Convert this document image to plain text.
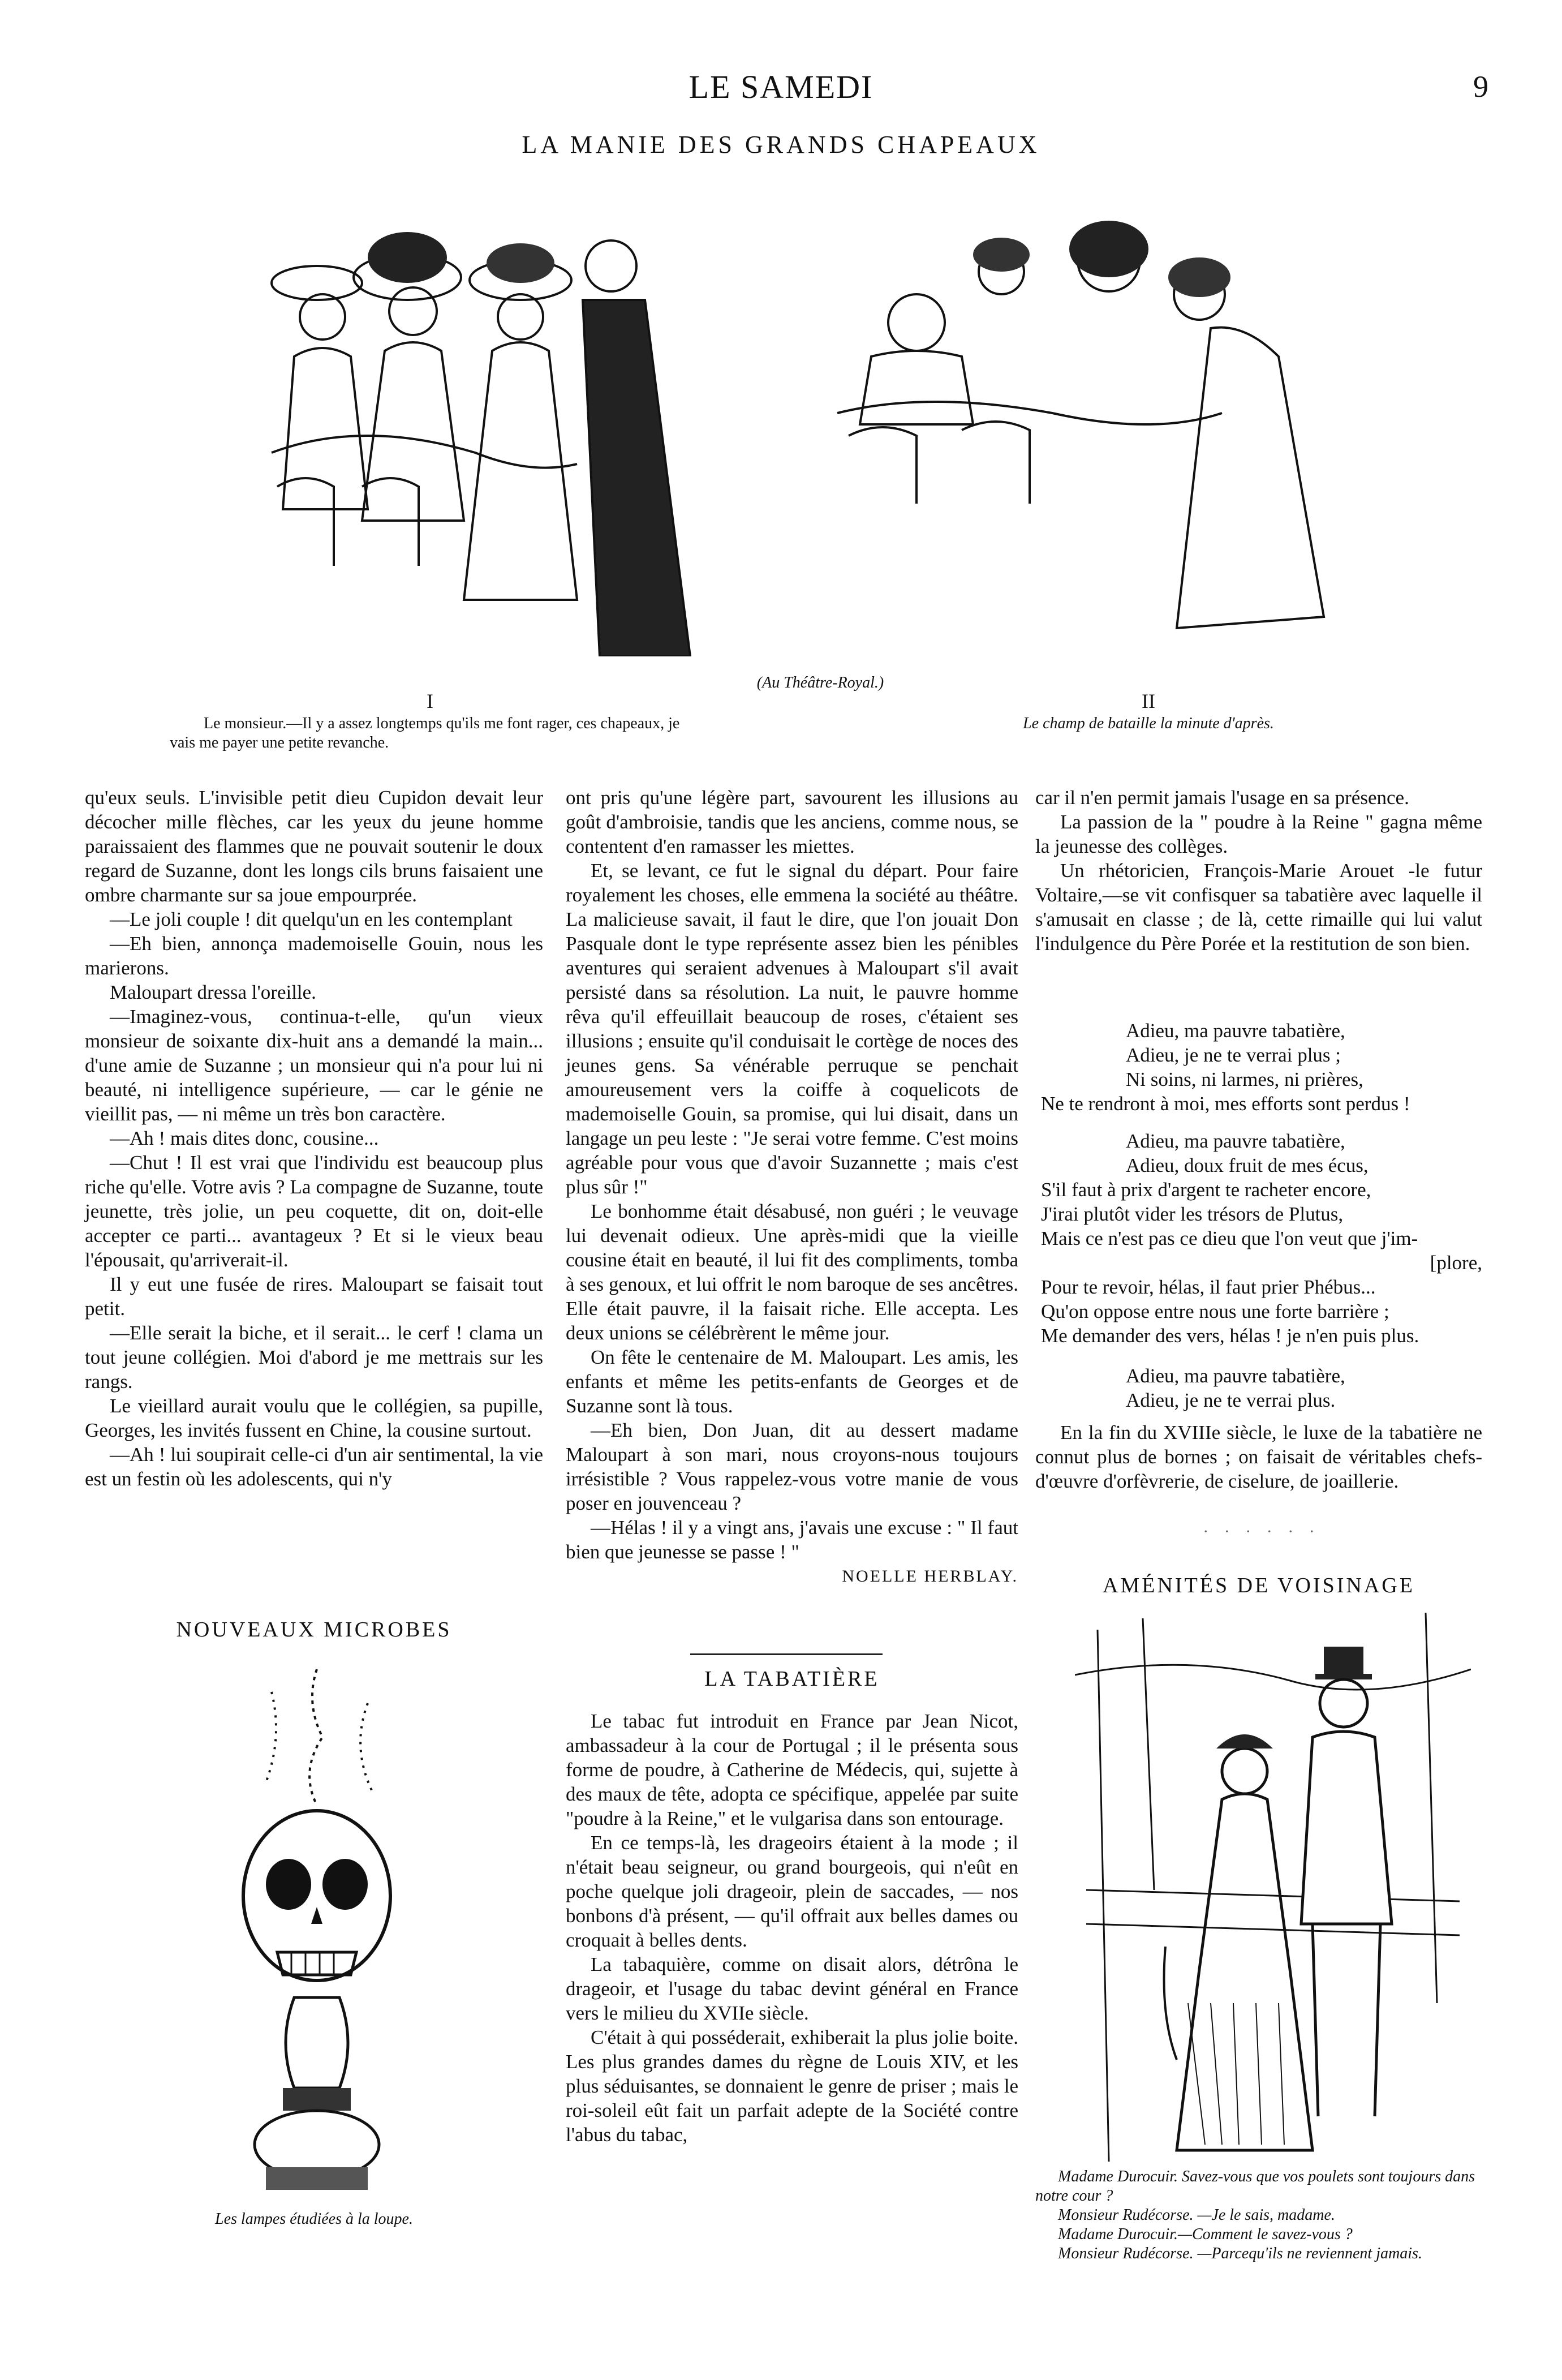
LE SAMEDI	9
LA MANIE DES GRANDS CHAPEAUX
I
Le monsieur.—Il y a assez longtemps qu'ils me font rager, ces chapeaux, je vais me payer une petite revanche.
(Au Théâtre-Royal.)
II
Le champ de bataille la minute d'après.

qu'eux seuls. L'invisible petit dieu Cupidon devait leur décocher mille flèches, car les yeux du jeune homme paraissaient des flammes que ne pouvait soutenir le doux regard de Suzanne, dont les longs cils bruns faisaient une ombre charmante sur sa joue empourprée.

—Le joli couple ! dit quelqu'un en les contemplant

—Eh bien, annonça mademoiselle Gouin, nous les marierons.

Maloupart dressa l'oreille.

—Imaginez-vous, continua-t-elle, qu'un vieux monsieur de soixante dix-huit ans a demandé la main... d'une amie de Suzanne ; un monsieur qui n'a pour lui ni beauté, ni intelligence supérieure, — car le génie ne vieillit pas, — ni même un très bon caractère.

—Ah ! mais dites donc, cousine...

—Chut ! Il est vrai que l'individu est beaucoup plus riche qu'elle. Votre avis ? La compagne de Suzanne, toute jeunette, très jolie, un peu coquette, dit on, doit-elle accepter ce parti... avantageux ? Et si le vieux beau l'épousait, qu'arriverait-il.

Il y eut une fusée de rires. Maloupart se faisait tout petit.

—Elle serait la biche, et il serait... le cerf ! clama un tout jeune collégien. Moi d'abord je me mettrais sur les rangs.

Le vieillard aurait voulu que le collégien, sa pupille, Georges, les invités fussent en Chine, la cousine surtout.

—Ah ! lui soupirait celle-ci d'un air sentimental, la vie est un festin où les adolescents, qui n'y

NOUVEAUX MICROBES
Les lampes étudiées à la loupe.

ont pris qu'une légère part, savourent les illusions au goût d'ambroisie, tandis que les anciens, comme nous, se contentent d'en ramasser les miettes.

Et, se levant, ce fut le signal du départ. Pour faire royalement les choses, elle emmena la société au théâtre. La malicieuse savait, il faut le dire, que l'on jouait Don Pasquale dont le type représente assez bien les pénibles aventures qui seraient advenues à Maloupart s'il avait persisté dans sa résolution. La nuit, le pauvre homme rêva qu'il effeuillait beaucoup de roses, c'étaient ses illusions ; ensuite qu'il conduisait le cortège de noces des jeunes gens. Sa vénérable perruque se penchait amoureusement vers la coiffe à coquelicots de mademoiselle Gouin, sa promise, qui lui disait, dans un langage un peu leste : "Je serai votre femme. C'est moins agréable pour vous que d'avoir Suzannette ; mais c'est plus sûr !"

Le bonhomme était désabusé, non guéri ; le veuvage lui devenait odieux. Une après-midi que la vieille cousine était en beauté, il lui fit des compliments, tomba à ses genoux, et lui offrit le nom baroque de ses ancêtres. Elle était pauvre, il la faisait riche. Elle accepta. Les deux unions se célébrèrent le même jour.

On fête le centenaire de M. Maloupart. Les amis, les enfants et même les petits-enfants de Georges et de Suzanne sont là tous.

—Eh bien, Don Juan, dit au dessert madame Maloupart à son mari, nous croyons-nous toujours irrésistible ? Vous rappelez-vous votre manie de vous poser en jouvenceau ?

—Hélas ! il y a vingt ans, j'avais une excuse : " Il faut bien que jeunesse se passe ! "

NOELLE HERBLAY.
LA TABATIÈRE

Le tabac fut introduit en France par Jean Nicot, ambassadeur à la cour de Portugal ; il le présenta sous forme de poudre, à Catherine de Médecis, qui, sujette à des maux de tête, adopta ce spécifique, appelée par suite "poudre à la Reine," et le vulgarisa dans son entourage.

En ce temps-là, les drageoirs étaient à la mode ; il n'était beau seigneur, ou grand bourgeois, qui n'eût en poche quelque joli drageoir, plein de saccades, — nos bonbons d'à présent, — qu'il offrait aux belles dames ou croquait à belles dents.

La tabaquière, comme on disait alors, détrôna le drageoir, et l'usage du tabac devint général en France vers le milieu du XVIIe siècle.

C'était à qui posséderait, exhiberait la plus jolie boite. Les plus grandes dames du règne de Louis XIV, et les plus séduisantes, se donnaient le genre de priser ; mais le roi-soleil eût fait un parfait adepte de la Société contre l'abus du tabac,

car il n'en permit jamais l'usage en sa présence.

La passion de la " poudre à la Reine " gagna même la jeunesse des collèges.

Un rhétoricien, François-Marie Arouet -le futur Voltaire,—se vit confisquer sa tabatière avec laquelle il s'amusait en classe ; de là, cette rimaille qui lui valut l'indulgence du Père Porée et la restitution de son bien.

Adieu, ma pauvre tabatière,
Adieu, je ne te verrai plus ;
Ni soins, ni larmes, ni prières,
Ne te rendront à moi, mes efforts sont perdus !
Adieu, ma pauvre tabatière,
Adieu, doux fruit de mes écus,
S'il faut à prix d'argent te racheter encore,
J'irai plutôt vider les trésors de Plutus,
Mais ce n'est pas ce dieu que l'on veut que j'im-
[plore,
Pour te revoir, hélas, il faut prier Phébus...
Qu'on oppose entre nous une forte barrière ;
Me demander des vers, hélas ! je n'en puis plus.
Adieu, ma pauvre tabatière,
Adieu, je ne te verrai plus.

En la fin du XVIIIe siècle, le luxe de la tabatière ne connut plus de bornes ; on faisait de véritables chefs-d'œuvre d'orfèvrerie, de ciselure, de joaillerie.

· · · · · ·
AMÉNITÉS DE VOISINAGE
Madame Durocuir. Savez-vous que vos poulets sont toujours dans notre cour ?
Monsieur Rudécorse. —Je le sais, madame.
Madame Durocuir.—Comment le savez-vous ?
Monsieur Rudécorse. —Parcequ'ils ne reviennent jamais.
